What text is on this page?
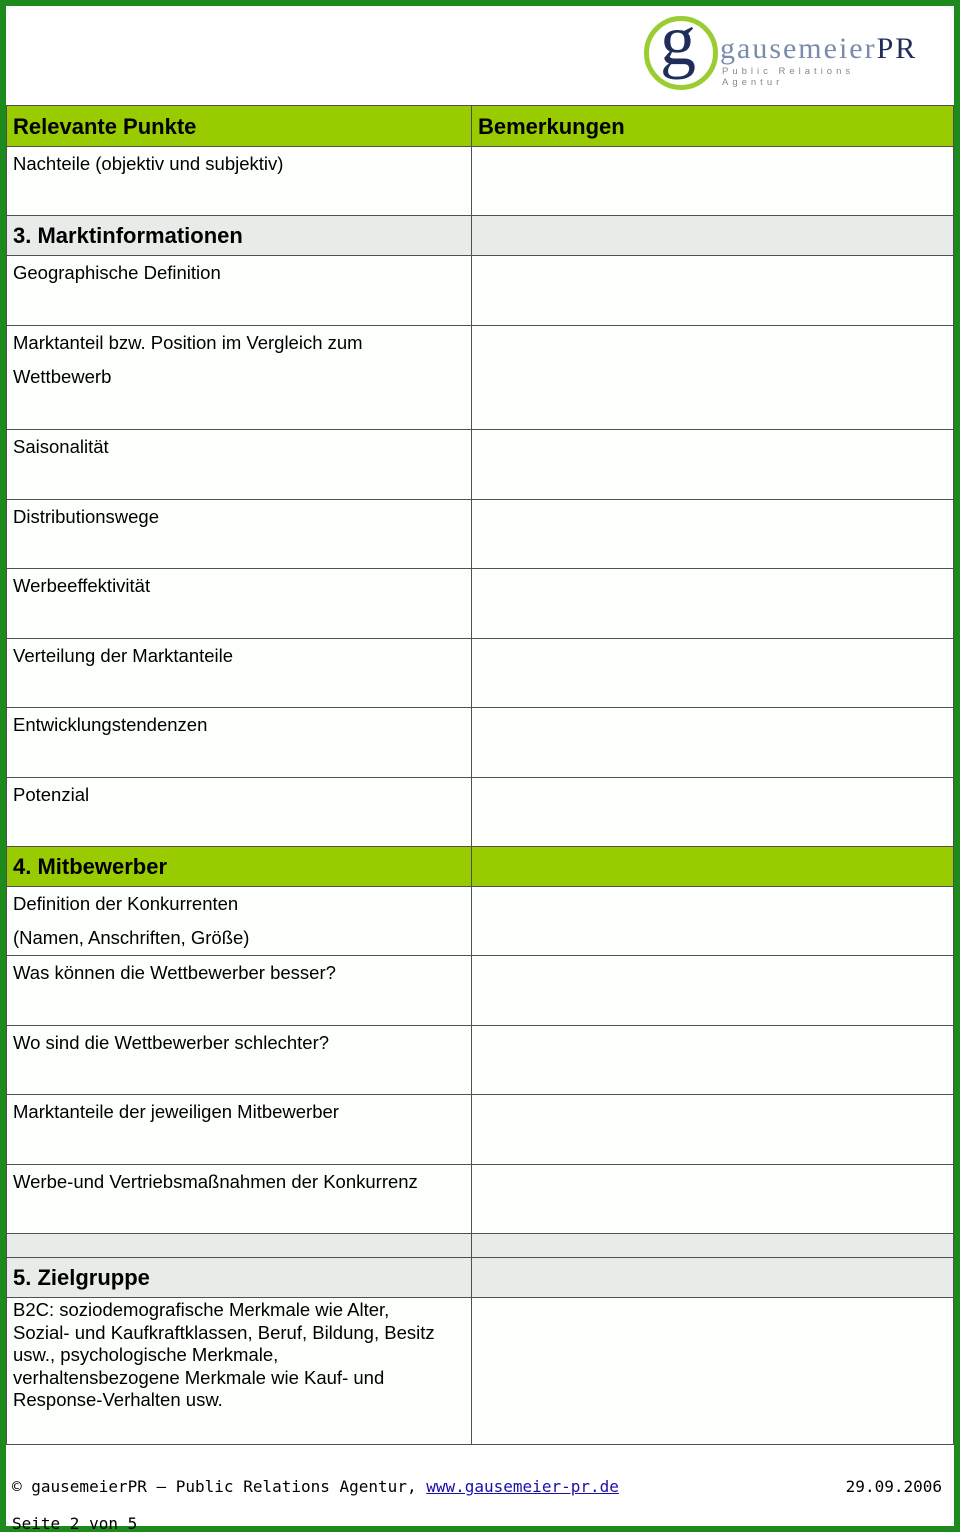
g gausemeierPR
Public Relations Agentur
Relevante Punkte	Bemerkungen
Nachteile (objektiv und subjektiv)	
3. Marktinformationen	
Geographische Definition	
Marktanteil bzw. Position im Vergleich zum
Wettbewerb	
Saisonalität	
Distributionswege	
Werbeeffektivität	
Verteilung der Marktanteile	
Entwicklungstendenzen	
Potenzial	
4. Mitbewerber	
Definition der Konkurrenten
(Namen, Anschriften, Größe)	
Was können die Wettbewerber besser?	
Wo sind die Wettbewerber schlechter?	
Marktanteile der jeweiligen Mitbewerber	
Werbe-und Vertriebsmaßnahmen der Konkurrenz	

5. Zielgruppe	
B2C: soziodemografische Merkmale wie Alter,
Sozial- und Kaufkraftklassen, Beruf, Bildung, Besitz
usw., psychologische Merkmale,
verhaltensbezogene Merkmale wie Kauf- und
Response-Verhalten usw.	
© gausemeierPR – Public Relations Agentur, www.gausemeier-pr.de	29.09.2006
Seite 2 von 5
